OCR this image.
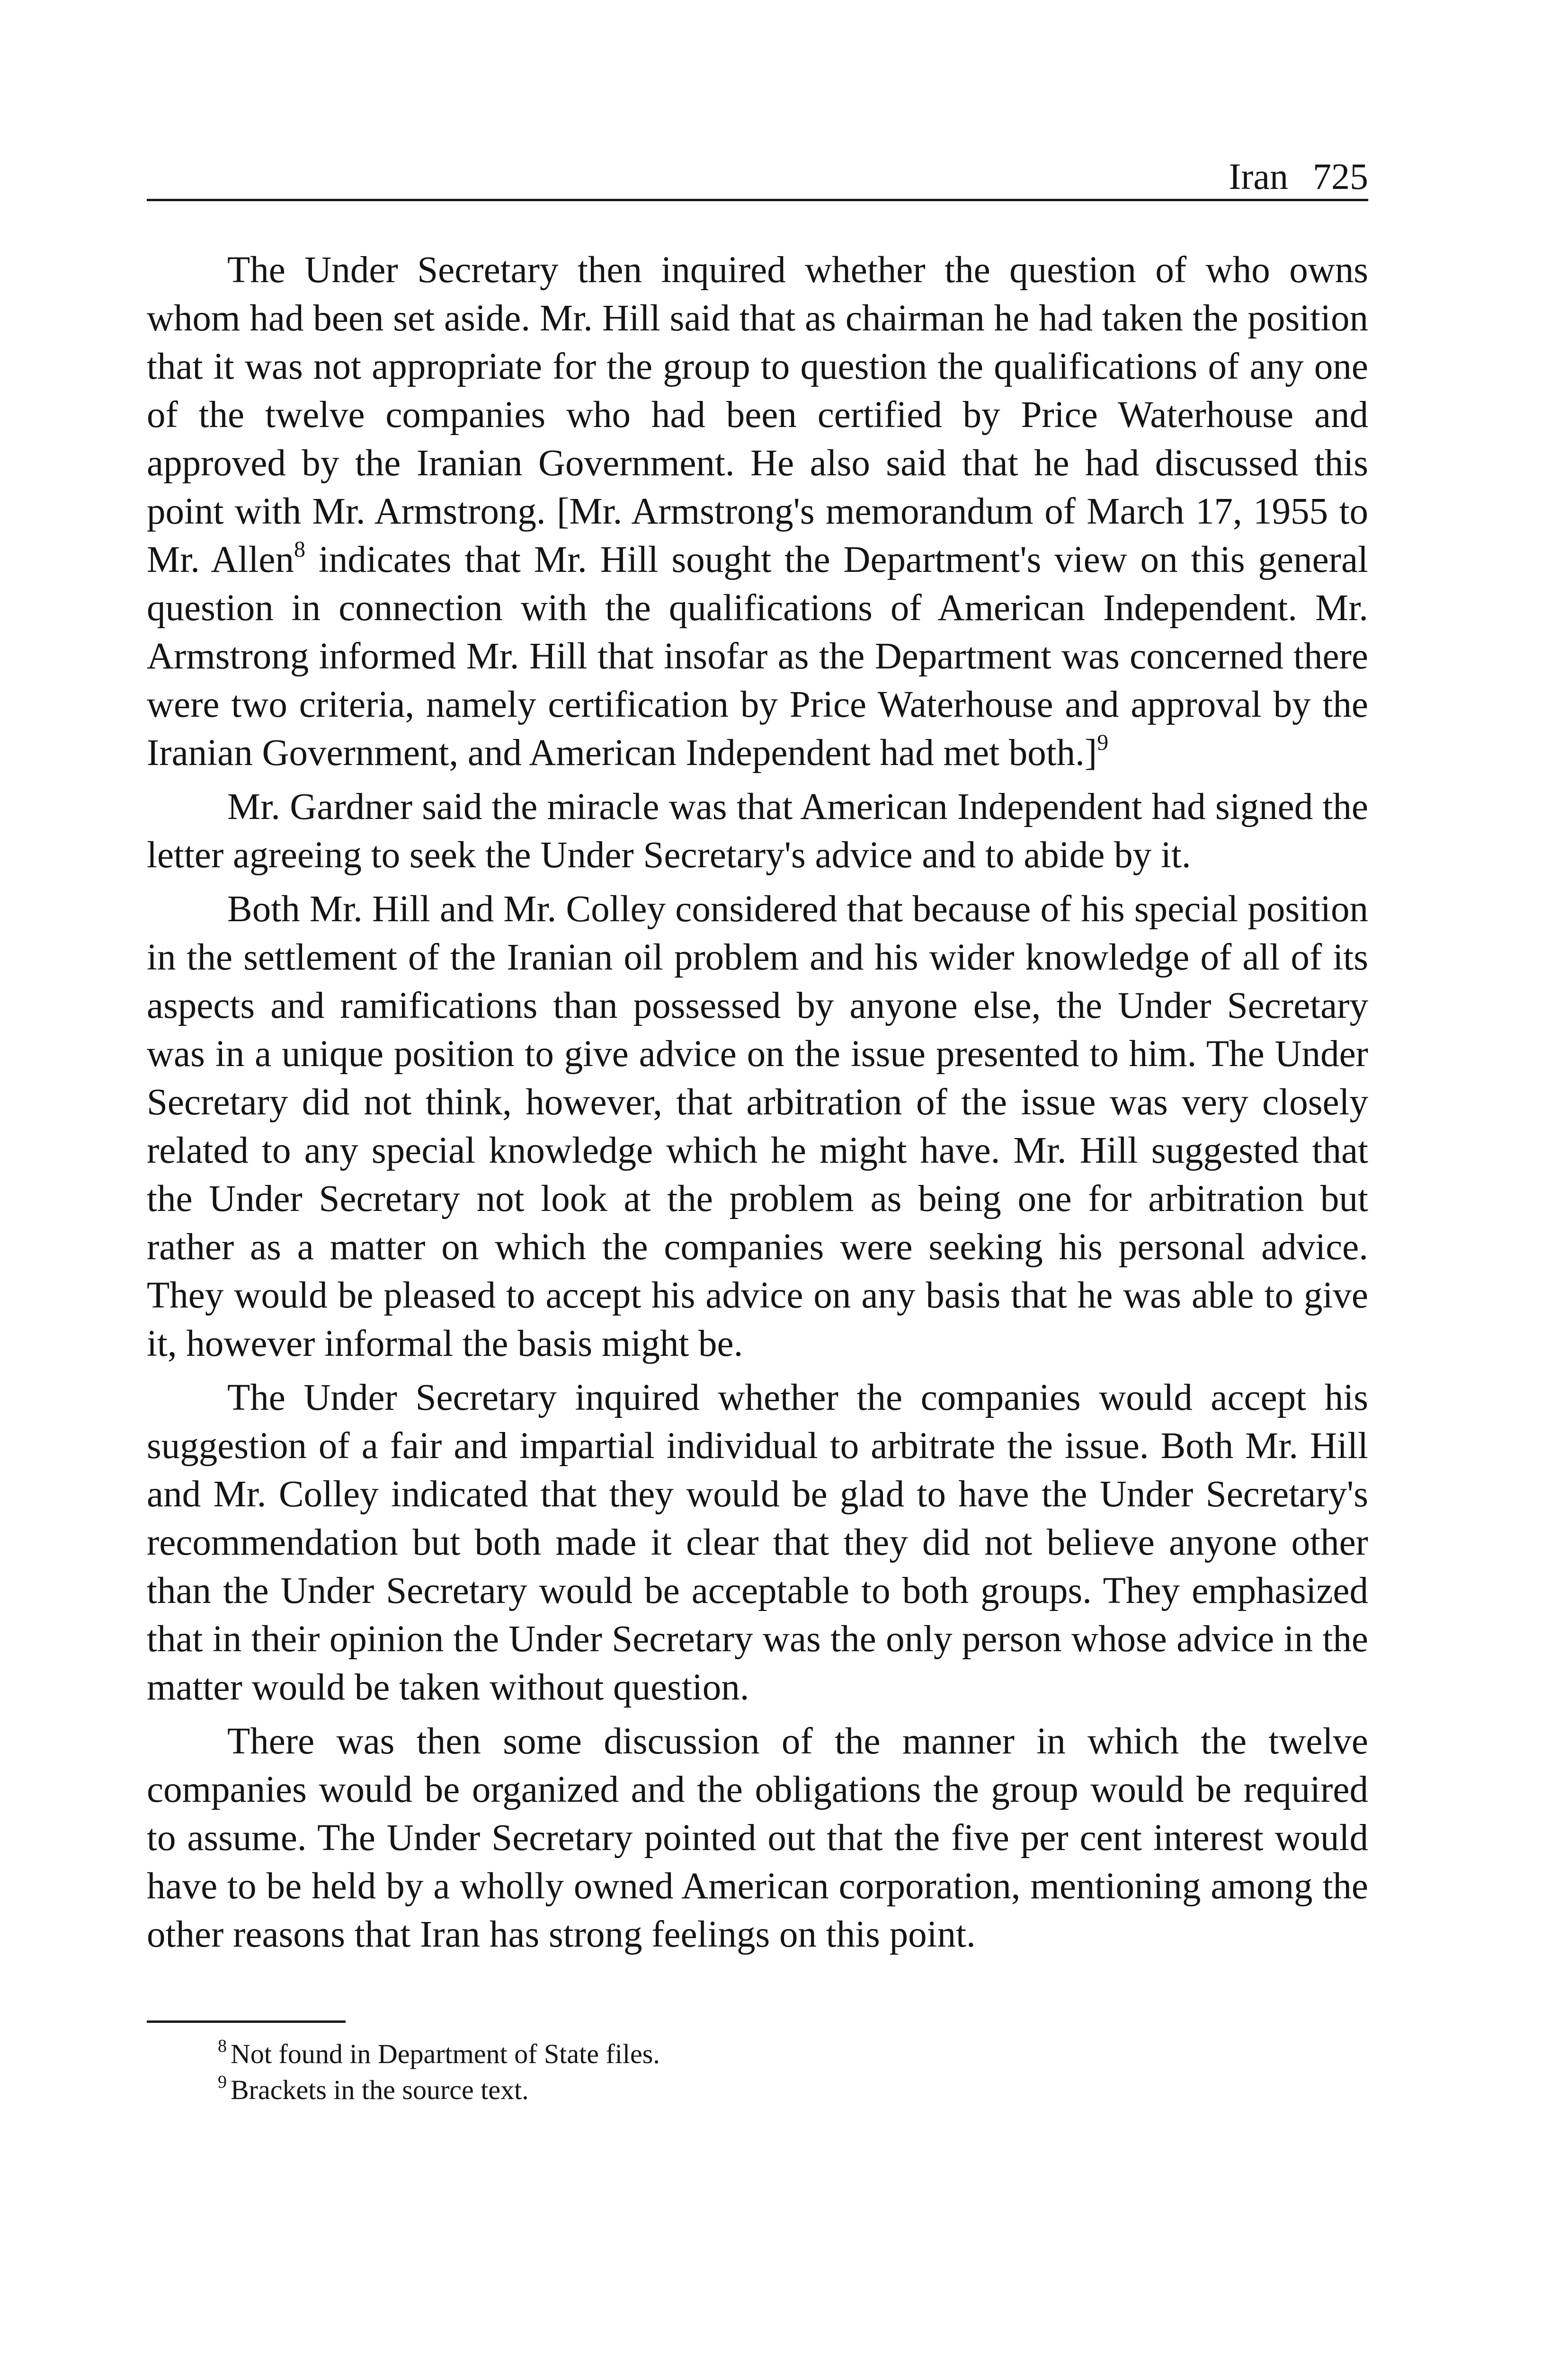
Iran 725

The Under Secretary then inquired whether the question of who owns whom had been set aside. Mr. Hill said that as chairman he had taken the position that it was not appropriate for the group to question the qualifications of any one of the twelve companies who had been certified by Price Waterhouse and approved by the Iranian Government. He also said that he had discussed this point with Mr. Armstrong. [Mr. Armstrong's memorandum of March 17, 1955 to Mr. Allen$^8$ indicates that Mr. Hill sought the Department's view on this general question in connection with the qualifications of American Independent. Mr. Armstrong informed Mr. Hill that insofar as the Department was concerned there were two criteria, namely certification by Price Waterhouse and approval by the Iranian Government, and American Independent had met both.]$^9$

Mr. Gardner said the miracle was that American Independent had signed the letter agreeing to seek the Under Secretary's advice and to abide by it.

Both Mr. Hill and Mr. Colley considered that because of his special position in the settlement of the Iranian oil problem and his wider knowledge of all of its aspects and ramifications than possessed by anyone else, the Under Secretary was in a unique position to give advice on the issue presented to him. The Under Secretary did not think, however, that arbitration of the issue was very closely related to any special knowledge which he might have. Mr. Hill suggested that the Under Secretary not look at the problem as being one for arbitration but rather as a matter on which the companies were seeking his personal advice. They would be pleased to accept his advice on any basis that he was able to give it, however informal the basis might be.

The Under Secretary inquired whether the companies would accept his suggestion of a fair and impartial individual to arbitrate the issue. Both Mr. Hill and Mr. Colley indicated that they would be glad to have the Under Secretary's recommendation but both made it clear that they did not believe anyone other than the Under Secretary would be acceptable to both groups. They emphasized that in their opinion the Under Secretary was the only person whose advice in the matter would be taken without question.

There was then some discussion of the manner in which the twelve companies would be organized and the obligations the group would be required to assume. The Under Secretary pointed out that the five per cent interest would have to be held by a wholly owned American corporation, mentioning among the other reasons that Iran has strong feelings on this point.

$^8$ Not found in Department of State files.

$^9$ Brackets in the source text.
